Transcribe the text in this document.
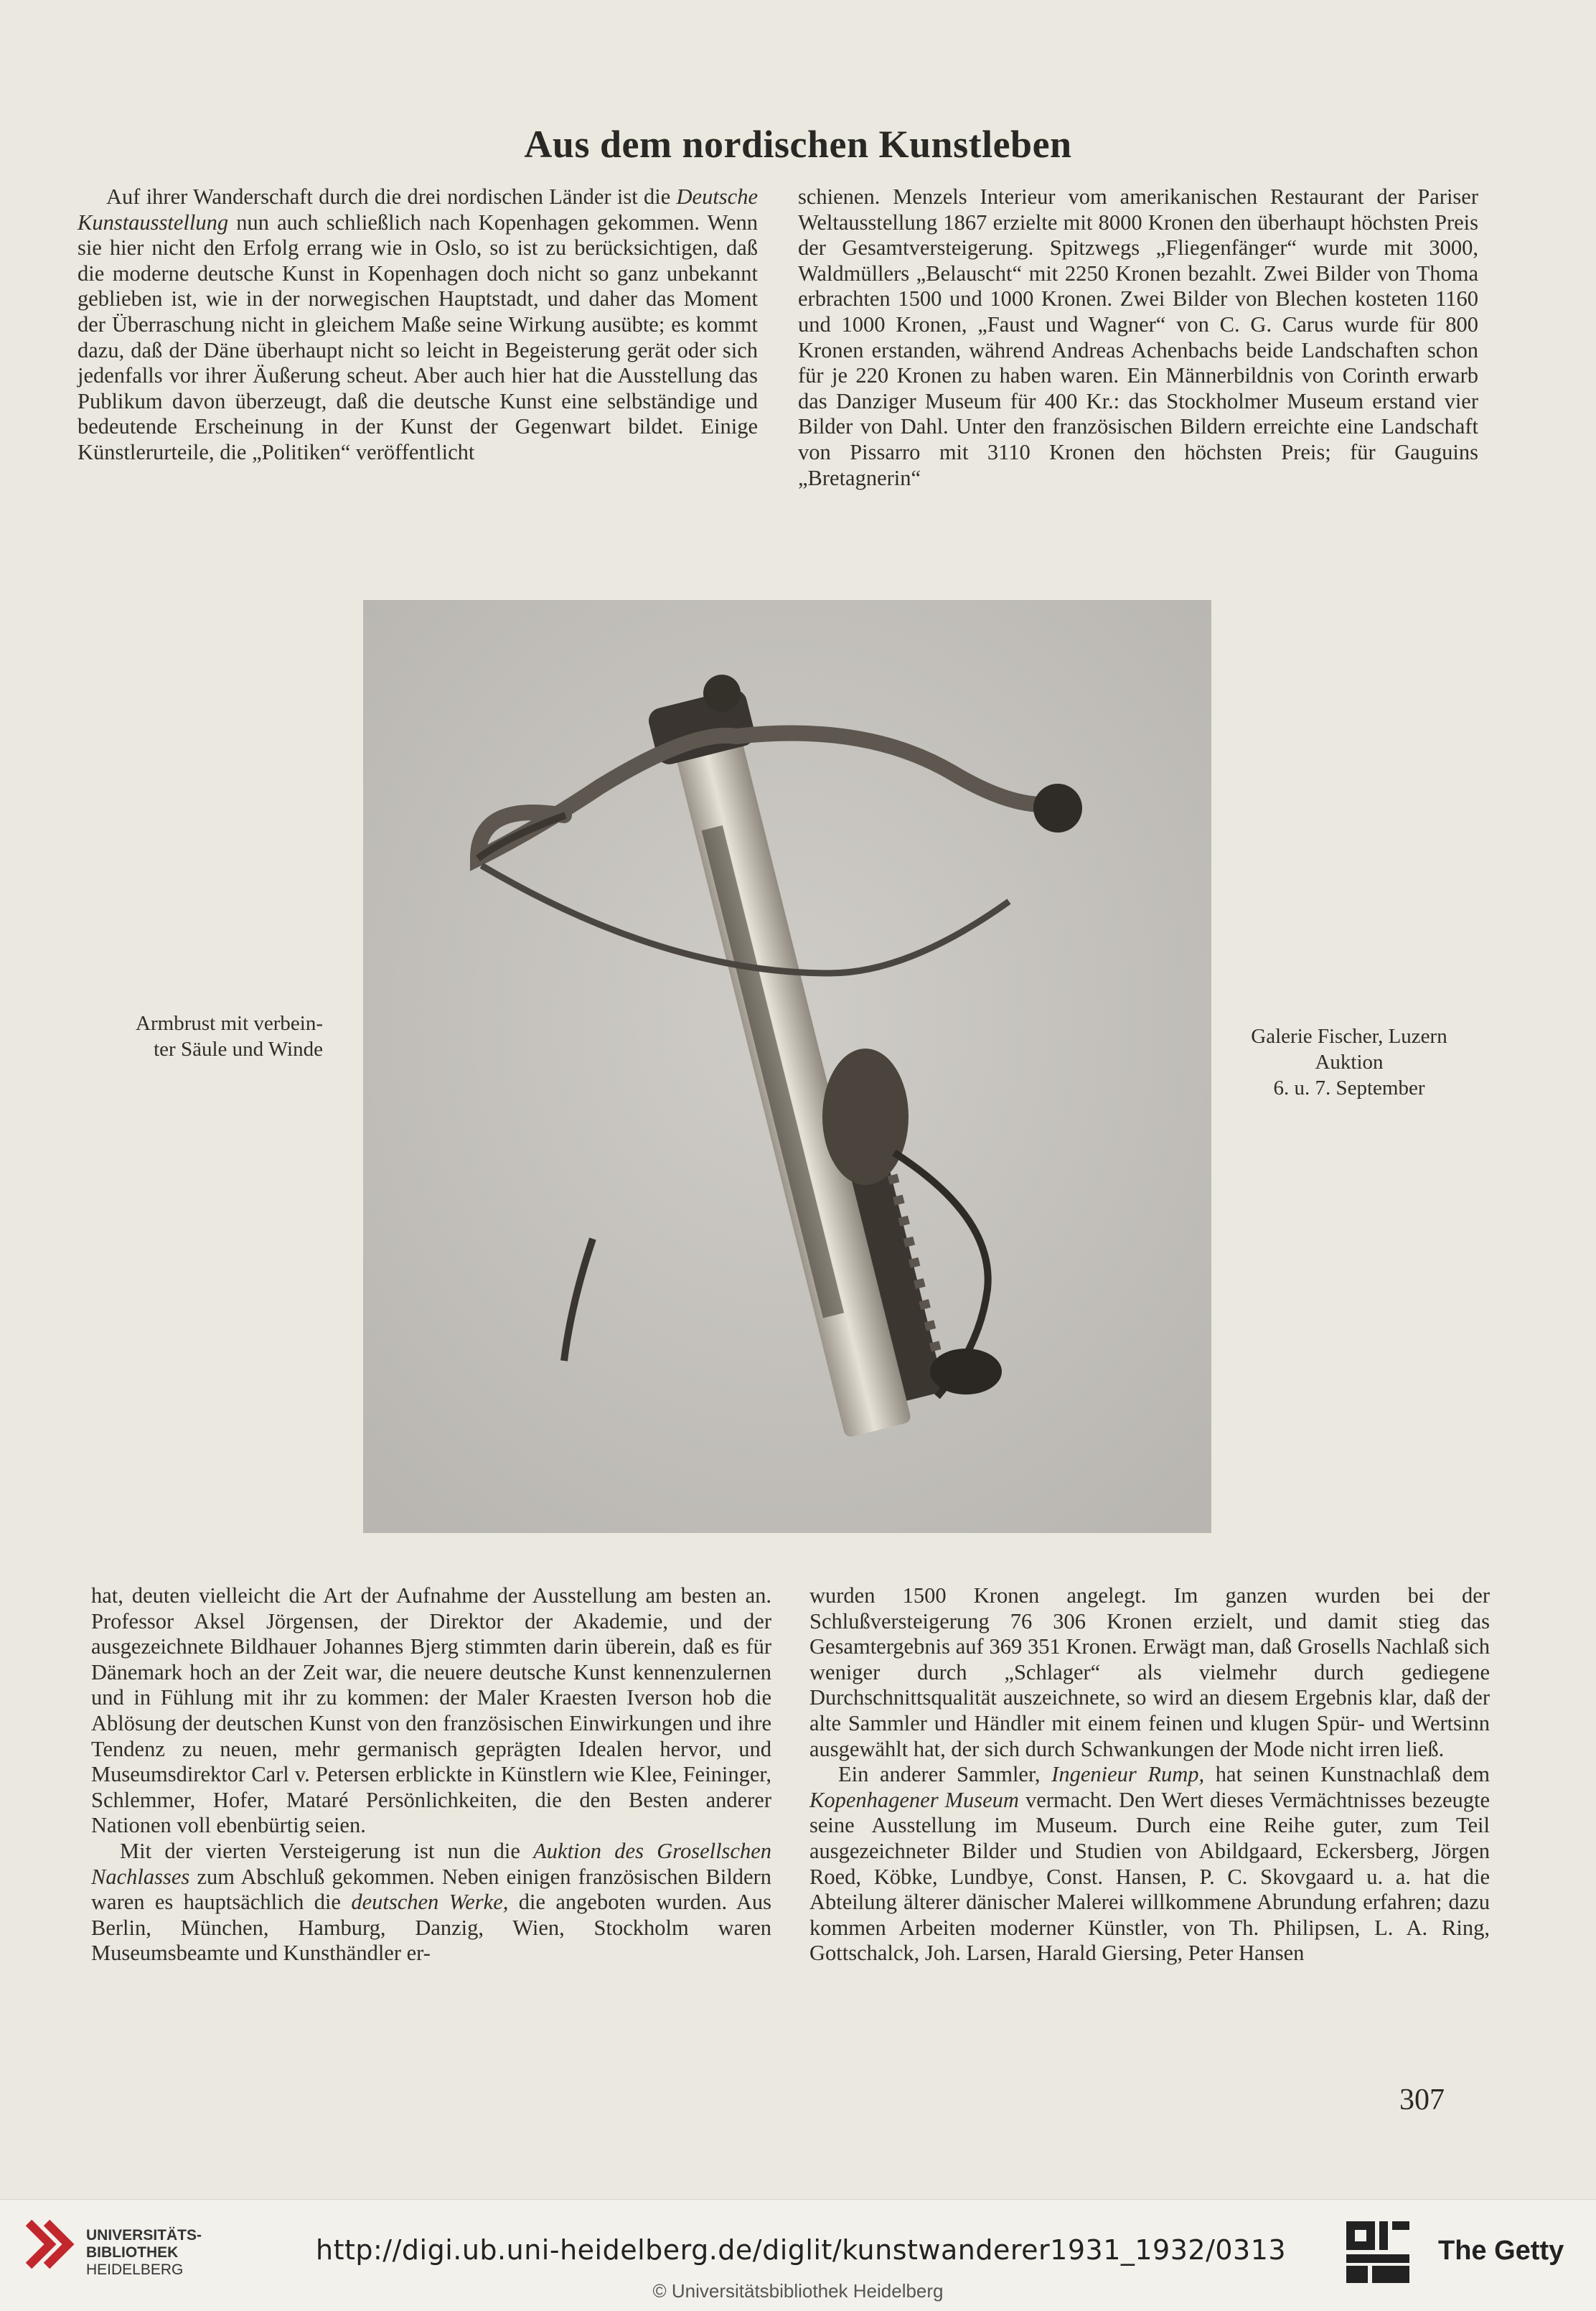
Aus dem nordischen Kunstleben

Auf ihrer Wanderschaft durch die drei nordischen Länder ist die Deutsche Kunstausstellung nun auch schließlich nach Kopenhagen gekommen. Wenn sie hier nicht den Erfolg errang wie in Oslo, so ist zu berücksichtigen, daß die moderne deutsche Kunst in Kopenhagen doch nicht so ganz unbekannt geblieben ist, wie in der norwegischen Hauptstadt, und daher das Moment der Überraschung nicht in gleichem Maße seine Wirkung ausübte; es kommt dazu, daß der Däne überhaupt nicht so leicht in Begeisterung gerät oder sich jedenfalls vor ihrer Äußerung scheut. Aber auch hier hat die Ausstellung das Publikum davon überzeugt, daß die deutsche Kunst eine selbständige und bedeutende Erscheinung in der Kunst der Gegenwart bildet. Einige Künstlerurteile, die „Politiken“ veröffentlicht

schienen. Menzels Interieur vom amerikanischen Restaurant der Pariser Weltausstellung 1867 erzielte mit 8000 Kronen den überhaupt höchsten Preis der Gesamtversteigerung. Spitzwegs „Fliegenfänger“ wurde mit 3000, Waldmüllers „Belauscht“ mit 2250 Kronen bezahlt. Zwei Bilder von Thoma erbrachten 1500 und 1000 Kronen. Zwei Bilder von Blechen kosteten 1160 und 1000 Kronen, „Faust und Wagner“ von C. G. Carus wurde für 800 Kronen erstanden, während Andreas Achenbachs beide Landschaften schon für je 220 Kronen zu haben waren. Ein Männerbildnis von Corinth erwarb das Danziger Museum für 400 Kr.: das Stockholmer Museum erstand vier Bilder von Dahl. Unter den französischen Bildern erreichte eine Landschaft von Pissarro mit 3110 Kronen den höchsten Preis; für Gauguins „Bretagnerin“

Armbrust mit verbein-
ter Säule und Winde
Galerie Fischer, Luzern
Auktion
6. u. 7. September

hat, deuten vielleicht die Art der Aufnahme der Ausstellung am besten an. Professor Aksel Jörgensen, der Direktor der Akademie, und der ausgezeichnete Bildhauer Johannes Bjerg stimmten darin überein, daß es für Dänemark hoch an der Zeit war, die neuere deutsche Kunst kennenzulernen und in Fühlung mit ihr zu kommen: der Maler Kraesten Iverson hob die Ablösung der deutschen Kunst von den französischen Einwirkungen und ihre Tendenz zu neuen, mehr germanisch geprägten Idealen hervor, und Museumsdirektor Carl v. Petersen erblickte in Künstlern wie Klee, Feininger, Schlemmer, Hofer, Mataré Persönlichkeiten, die den Besten anderer Nationen voll ebenbürtig seien.

Mit der vierten Versteigerung ist nun die Auktion des Grosellschen Nachlasses zum Abschluß gekommen. Neben einigen französischen Bildern waren es hauptsächlich die deutschen Werke, die angeboten wurden. Aus Berlin, München, Hamburg, Danzig, Wien, Stockholm waren Museumsbeamte und Kunsthändler er-

wurden 1500 Kronen angelegt. Im ganzen wurden bei der Schlußversteigerung 76 306 Kronen erzielt, und damit stieg das Gesamtergebnis auf 369 351 Kronen. Erwägt man, daß Grosells Nachlaß sich weniger durch „Schlager“ als vielmehr durch gediegene Durchschnittsqualität auszeichnete, so wird an diesem Ergebnis klar, daß der alte Sammler und Händler mit einem feinen und klugen Spür- und Wertsinn ausgewählt hat, der sich durch Schwankungen der Mode nicht irren ließ.

Ein anderer Sammler, Ingenieur Rump, hat seinen Kunstnachlaß dem Kopenhagener Museum vermacht. Den Wert dieses Vermächtnisses bezeugte seine Ausstellung im Museum. Durch eine Reihe guter, zum Teil ausgezeichneter Bilder und Studien von Abildgaard, Eckersberg, Jörgen Roed, Köbke, Lundbye, Const. Hansen, P. C. Skovgaard u. a. hat die Abteilung älterer dänischer Malerei willkommene Abrundung erfahren; dazu kommen Arbeiten moderner Künstler, von Th. Philipsen, L. A. Ring, Gottschalck, Joh. Larsen, Harald Giersing, Peter Hansen

307
UNIVERSITÄTS-
BIBLIOTHEK
HEIDELBERG
http://digi.ub.uni-heidelberg.de/diglit/kunstwanderer1931_1932/0313
© Universitätsbibliothek Heidelberg
The Getty
